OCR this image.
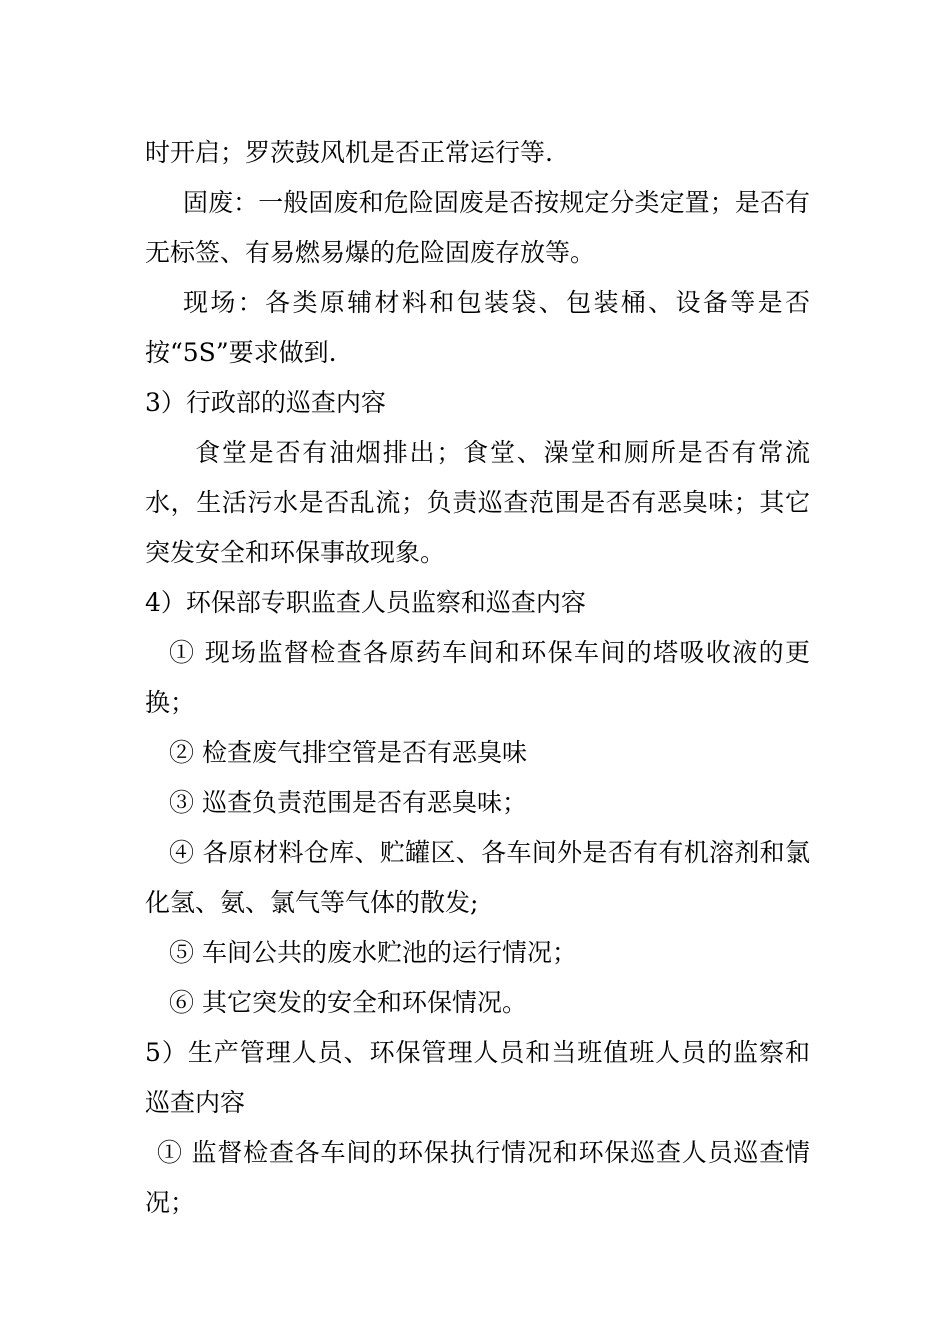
时开启；罗茨鼓风机是否正常运行等.

固废：一般固废和危险固废是否按规定分类定置；是否有无标签、有易燃易爆的危险固废存放等。

现场：各类原辅材料和包装袋、包装桶、设备等是否按“5S”要求做到.

3）行政部的巡查内容

食堂是否有油烟排出；食堂、澡堂和厕所是否有常流水，生活污水是否乱流；负责巡查范围是否有恶臭味；其它突发安全和环保事故现象。

4）环保部专职监查人员监察和巡查内容

① 现场监督检查各原药车间和环保车间的塔吸收液的更换；

② 检查废气排空管是否有恶臭味

③ 巡查负责范围是否有恶臭味；

④ 各原材料仓库、贮罐区、各车间外是否有有机溶剂和氯化氢、氨、氯气等气体的散发;

⑤ 车间公共的废水贮池的运行情况；

⑥ 其它突发的安全和环保情况。

5）生产管理人员、环保管理人员和当班值班人员的监察和巡查内容

① 监督检查各车间的环保执行情况和环保巡查人员巡查情况；
